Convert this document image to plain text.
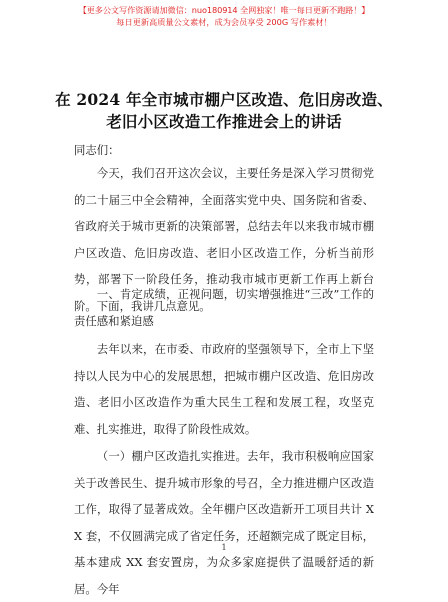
【更多公文写作资源请加微信：nuo180914 全网独家！唯一每日更新不跑路！】
每日更新高质量公文素材，成为会员享受 200G 写作素材！
在 2024 年全市城市棚户区改造、危旧房改造、
老旧小区改造工作推进会上的讲话
同志们：

今天，我们召开这次会议，主要任务是深入学习贯彻党的二十届三中全会精神，全面落实党中央、国务院和省委、省政府关于城市更新的决策部署，总结去年以来我市城市棚户区改造、危旧房改造、老旧小区改造工作，分析当前形势，部署下一阶段任务，推动我市城市更新工作再上新台阶。下面，我讲几点意见。

一、肯定成绩，正视问题，切实增强推进“三改”工作的责任感和紧迫感

去年以来，在市委、市政府的坚强领导下，全市上下坚持以人民为中心的发展思想，把城市棚户区改造、危旧房改造、老旧小区改造作为重大民生工程和发展工程，攻坚克难、扎实推进，取得了阶段性成效。

（一）棚户区改造扎实推进。去年，我市积极响应国家关于改善民生、提升城市形象的号召，全力推进棚户区改造工作，取得了显著成效。全年棚户区改造新开工项目共计 XX 套，不仅圆满完成了省定任务，还超额完成了既定目标，基本建成 XX 套安置房，为众多家庭提供了温暖舒适的新居。今年

1
